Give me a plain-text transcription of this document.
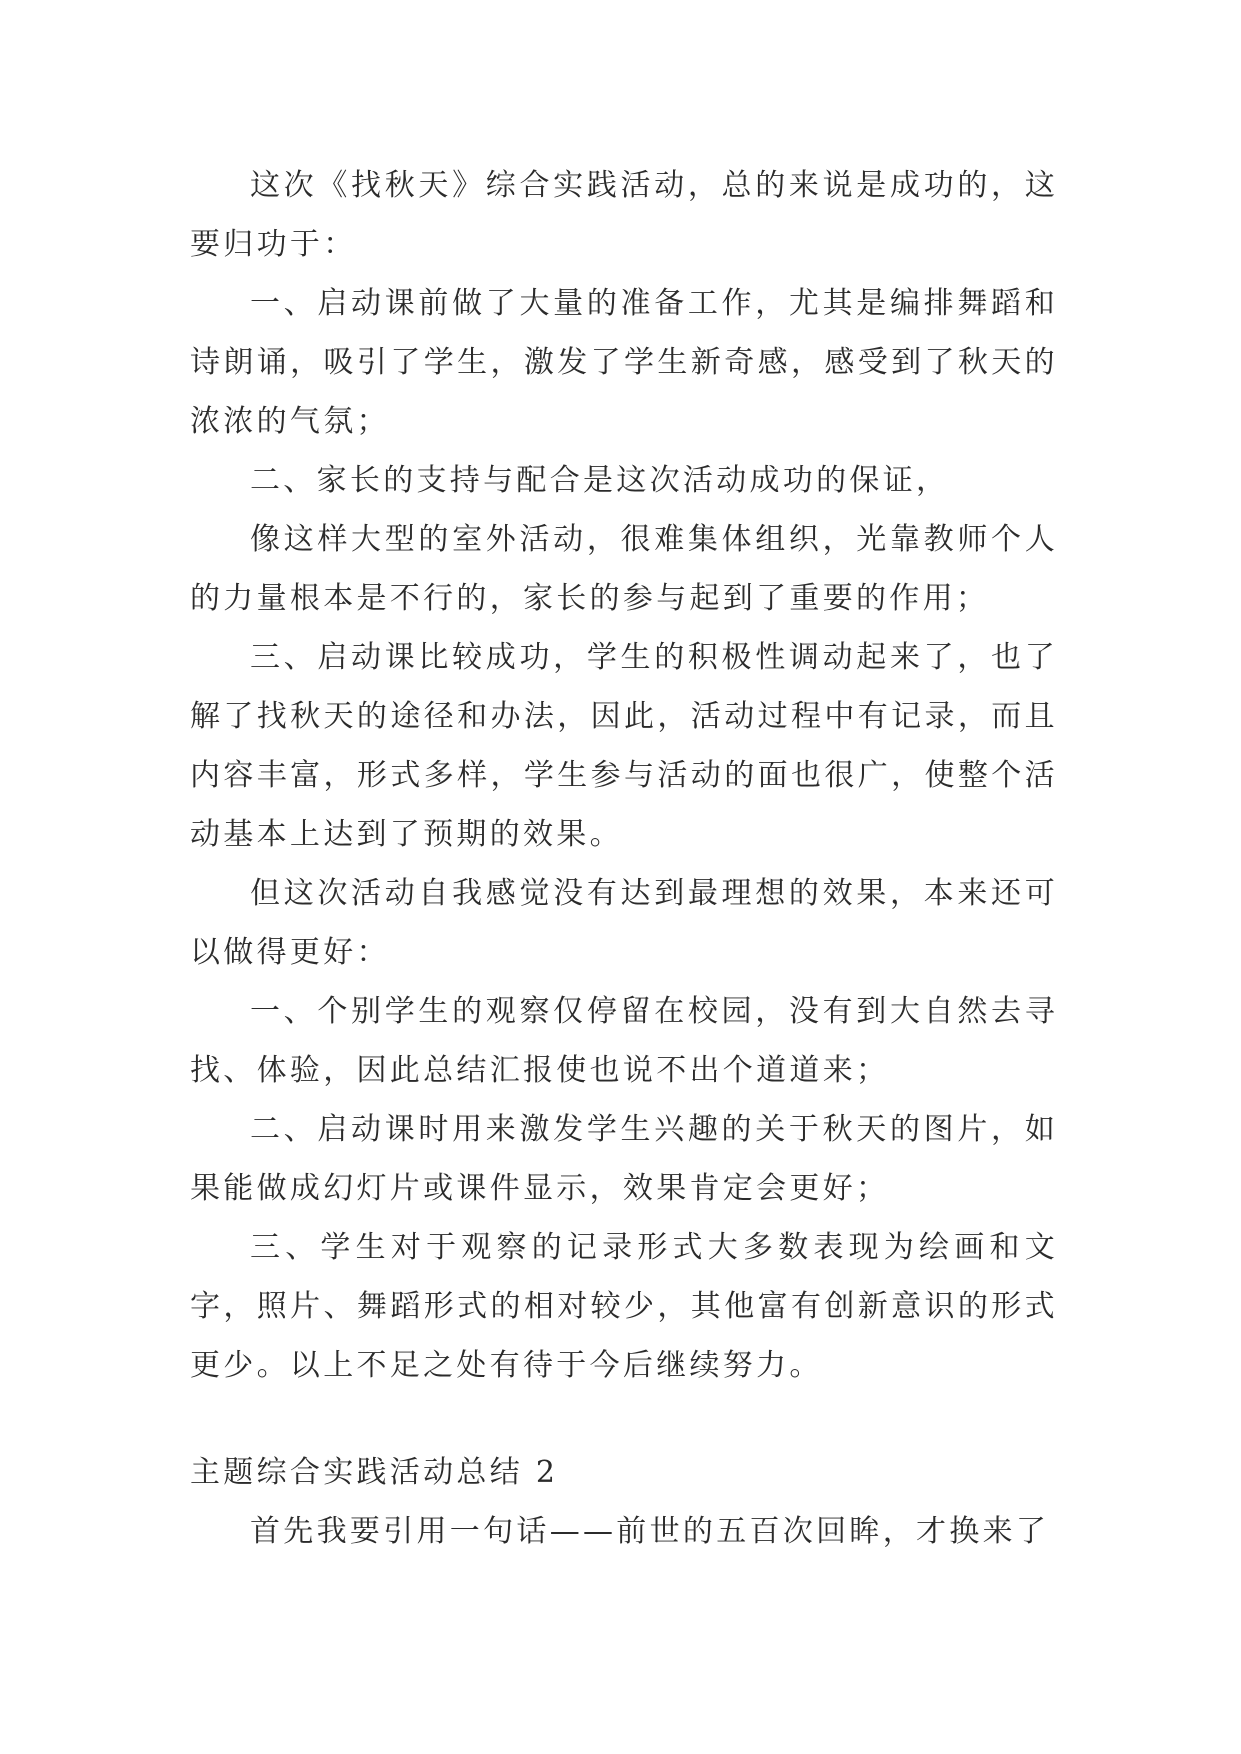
这次《找秋天》综合实践活动，总的来说是成功的，这要归功于：

一、启动课前做了大量的准备工作，尤其是编排舞蹈和诗朗诵，吸引了学生，激发了学生新奇感，感受到了秋天的浓浓的气氛；

二、家长的支持与配合是这次活动成功的保证，

像这样大型的室外活动，很难集体组织，光靠教师个人的力量根本是不行的，家长的参与起到了重要的作用；

三、启动课比较成功，学生的积极性调动起来了，也了解了找秋天的途径和办法，因此，活动过程中有记录，而且内容丰富，形式多样，学生参与活动的面也很广，使整个活动基本上达到了预期的效果。

但这次活动自我感觉没有达到最理想的效果，本来还可以做得更好：

一、个别学生的观察仅停留在校园，没有到大自然去寻找、体验，因此总结汇报使也说不出个道道来；

二、启动课时用来激发学生兴趣的关于秋天的图片，如果能做成幻灯片或课件显示，效果肯定会更好；

三、学生对于观察的记录形式大多数表现为绘画和文字，照片、舞蹈形式的相对较少，其他富有创新意识的形式更少。以上不足之处有待于今后继续努力。

主题综合实践活动总结 2

首先我要引用一句话——前世的五百次回眸，才换来了
